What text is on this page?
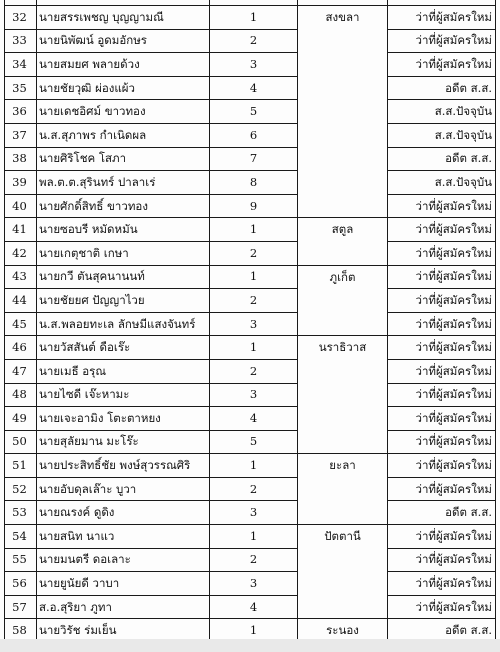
32	นายสรรเพชญ บุญญามณี	1	สงขลา	ว่าที่ผู้สมัครใหม่
33	นายนิพัฒน์ อูดมอักษร	2		ว่าที่ผู้สมัครใหม่
34	นายสมยศ พลายด้วง	3		ว่าที่ผู้สมัครใหม่
35	นายชัยวุฒิ ผ่องแผ้ว	4		อดีต ส.ส.
36	นายเดชอิศม์ ขาวทอง	5		ส.ส.ปัจจุบัน
37	น.ส.สุภาพร กำเนิดผล	6		ส.ส.ปัจจุบัน
38	นายศิริโชค โสภา	7		อดีต ส.ส.
39	พล.ต.ต.สุรินทร์ ปาลาเร่	8		ส.ส.ปัจจุบัน
40	นายศักดิ์สิทธิ์ ขาวทอง	9		ว่าที่ผู้สมัครใหม่
41	นายซอบรี หมัดหมัน	1	สตูล	ว่าที่ผู้สมัครใหม่
42	นายเกตุชาติ เกษา	2		ว่าที่ผู้สมัครใหม่
43	นายกวี ตันสุคนานนท์	1	ภูเก็ต	ว่าที่ผู้สมัครใหม่
44	นายชัยยศ ปัญญาไวย	2		ว่าที่ผู้สมัครใหม่
45	น.ส.พลอยทะเล ลักษมีแสงจันทร์	3		ว่าที่ผู้สมัครใหม่
46	นายวัสสันต์ ดือเร๊ะ	1	นราธิวาส	ว่าที่ผู้สมัครใหม่
47	นายเมธี อรุณ	2		ว่าที่ผู้สมัครใหม่
48	นายไซดี เจ๊ะหามะ	3		ว่าที่ผู้สมัครใหม่
49	นายเจะอามิง โตะตาหยง	4		ว่าที่ผู้สมัครใหม่
50	นายสุลัยมาน มะโร๊ะ	5		ว่าที่ผู้สมัครใหม่
51	นายประสิทธิ์ชัย พงษ์สุวรรณศิริ	1	ยะลา	ว่าที่ผู้สมัครใหม่
52	นายอับดุลเล๊าะ บูวา	2		ว่าที่ผู้สมัครใหม่
53	นายณรงค์ ดูดิง	3		อดีต ส.ส.
54	นายสนิท นาแว	1	ปัตตานี	ว่าที่ผู้สมัครใหม่
55	นายมนตรี ดอเลาะ	2		ว่าที่ผู้สมัครใหม่
56	นายยูนัยดี วาบา	3		ว่าที่ผู้สมัครใหม่
57	ส.อ.สุริยา ภูทา	4		ว่าที่ผู้สมัครใหม่
58	นายวิรัช ร่มเย็น	1	ระนอง	อดีต ส.ส.
